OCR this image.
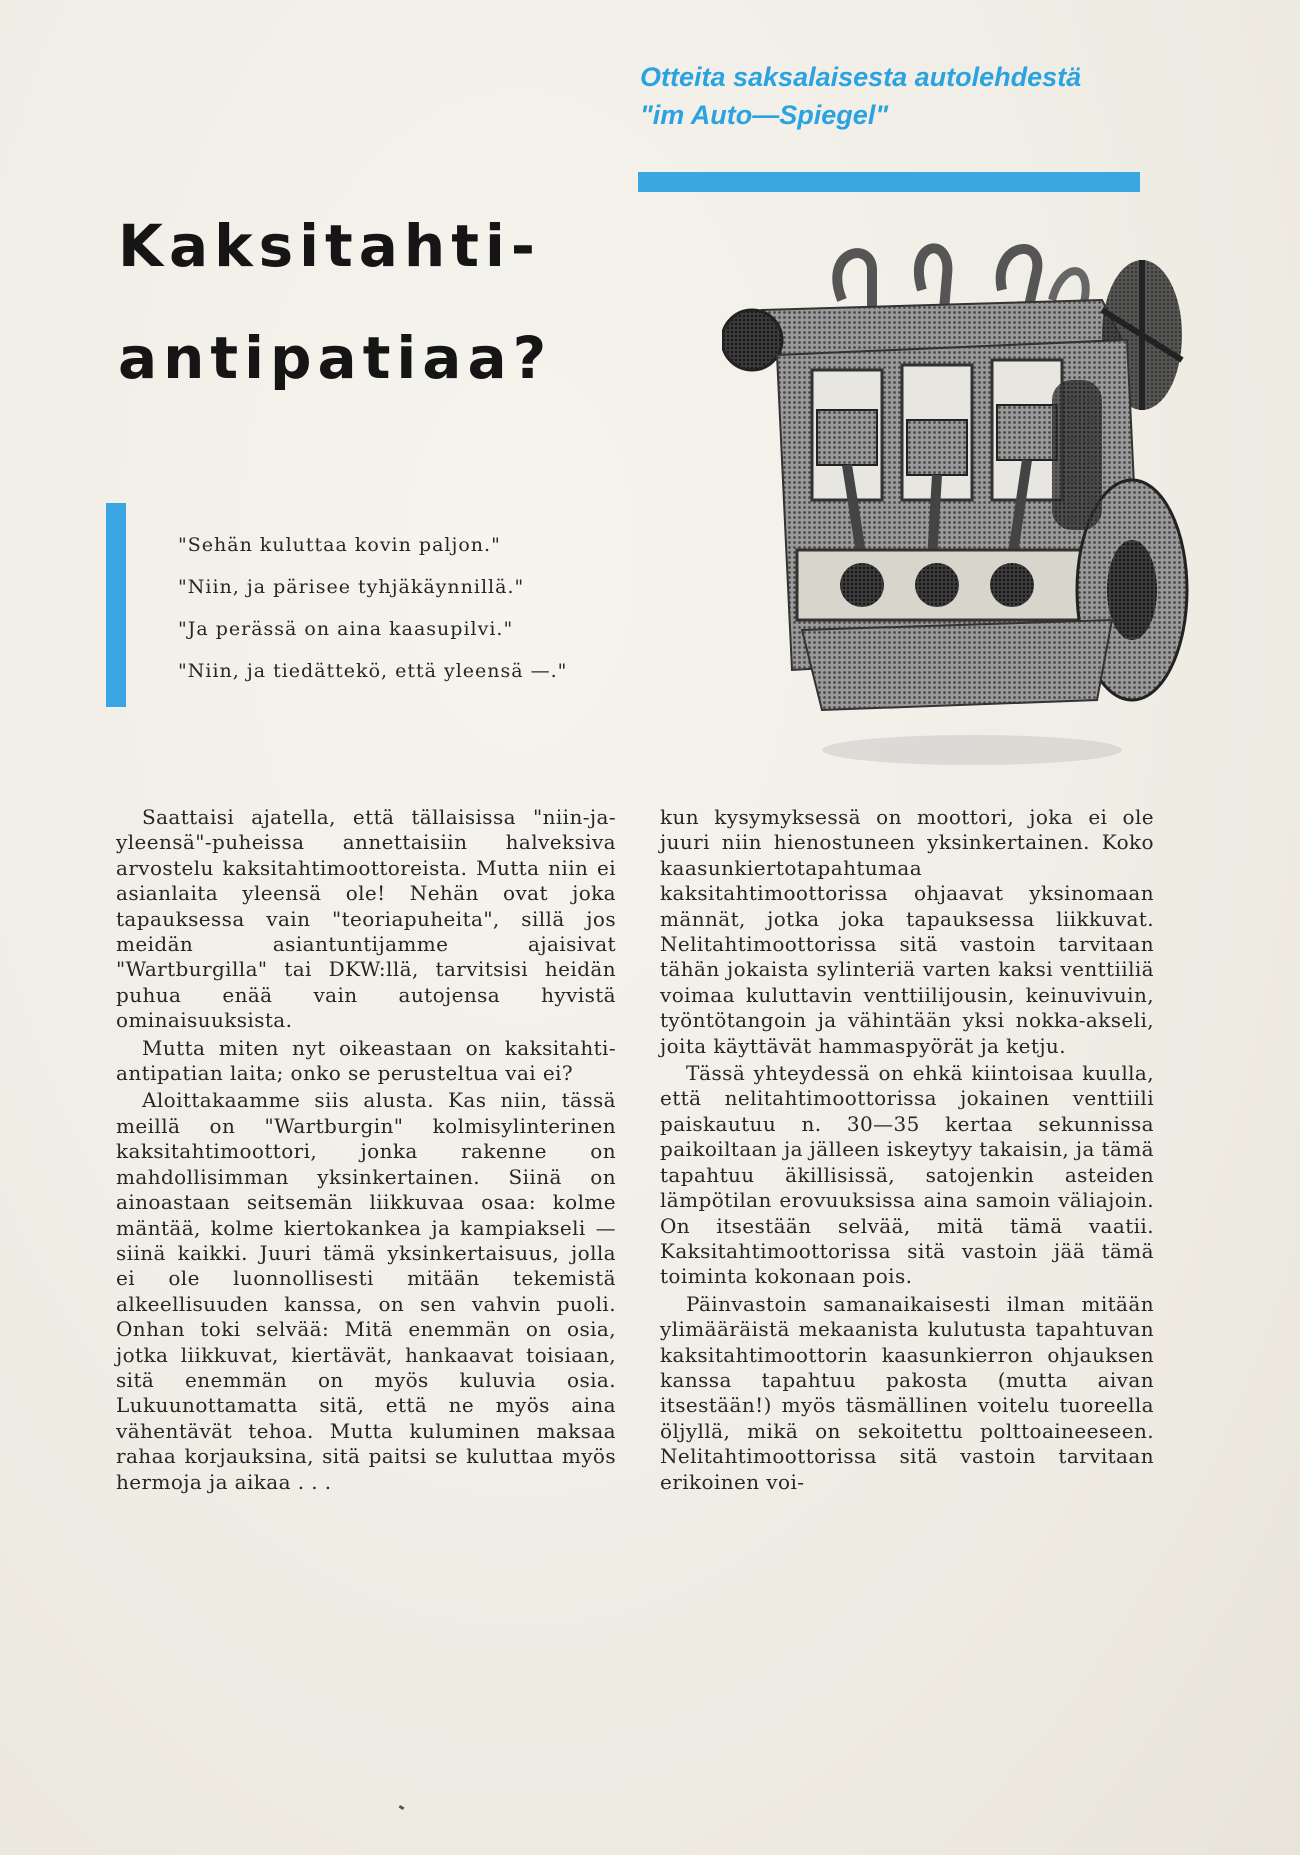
Otteita saksalaisesta autolehdestä
"im Auto—Spiegel"
Kaksitahti-
antipatiaa?
"Sehän kuluttaa kovin paljon."
"Niin, ja pärisee tyhjäkäynnillä."
"Ja perässä on aina kaasupilvi."
"Niin, ja tiedättekö, että yleensä —."

Saattaisi ajatella, että tällaisissa "niin-ja-yleensä"-puheissa annettaisiin halveksiva arvostelu kaksitahtimoottoreista. Mutta niin ei asianlaita yleensä ole! Nehän ovat joka tapauksessa vain "teoriapuheita", sillä jos meidän asiantuntijamme ajaisivat "Wartburgilla" tai DKW:llä, tarvitsisi heidän puhua enää vain autojensa hyvistä ominaisuuksista.

Mutta miten nyt oikeastaan on kaksitahti-antipatian laita; onko se perusteltua vai ei?

Aloittakaamme siis alusta. Kas niin, tässä meillä on "Wartburgin" kolmisylinterinen kaksitahtimoottori, jonka rakenne on mahdollisimman yksinkertainen. Siinä on ainoastaan seitsemän liikkuvaa osaa: kolme mäntää, kolme kiertokankea ja kampiakseli — siinä kaikki. Juuri tämä yksinkertaisuus, jolla ei ole luonnollisesti mitään tekemistä alkeellisuuden kanssa, on sen vahvin puoli. Onhan toki selvää: Mitä enemmän on osia, jotka liikkuvat, kiertävät, hankaavat toisiaan, sitä enemmän on myös kuluvia osia. Lukuunottamatta sitä, että ne myös aina vähentävät tehoa. Mutta kuluminen maksaa rahaa korjauksina, sitä paitsi se kuluttaa myös hermoja ja aikaa . . .

kun kysymyksessä on moottori, joka ei ole juuri niin hienostuneen yksinkertainen. Koko kaasunkiertotapahtumaa kaksitahtimoottorissa ohjaavat yksinomaan männät, jotka joka tapauksessa liikkuvat. Nelitahtimoottorissa sitä vastoin tarvitaan tähän jokaista sylinteriä varten kaksi venttiiliä voimaa kuluttavin venttiilijousin, keinuvivuin, työntötangoin ja vähintään yksi nokka-akseli, joita käyttävät hammaspyörät ja ketju.

Tässä yhteydessä on ehkä kiintoisaa kuulla, että nelitahtimoottorissa jokainen venttiili paiskautuu n. 30—35 kertaa sekunnissa paikoiltaan ja jälleen iskeytyy takaisin, ja tämä tapahtuu äkillisissä, satojenkin asteiden lämpötilan erovuuksissa aina samoin väliajoin. On itsestään selvää, mitä tämä vaatii. Kaksitahtimoottorissa sitä vastoin jää tämä toiminta kokonaan pois.

Päinvastoin samanaikaisesti ilman mitään ylimääräistä mekaanista kulutusta tapahtuvan kaksitahtimoottorin kaasunkierron ohjauksen kanssa tapahtuu pakosta (mutta aivan itsestään!) myös täsmällinen voitelu tuoreella öljyllä, mikä on sekoitettu polttoaineeseen. Nelitahtimoottorissa sitä vastoin tarvitaan erikoinen voi-
